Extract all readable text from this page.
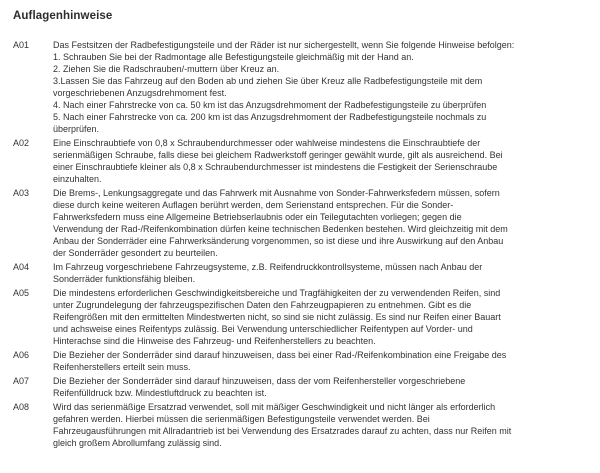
Auflagenhinweise
A01	Das Festsitzen der Radbefestigungsteile und der Räder ist nur sichergestellt, wenn Sie folgende Hinweise befolgen:
1. Schrauben Sie bei der Radmontage alle Befestigungsteile gleichmäßig mit der Hand an.
2. Ziehen Sie die Radschrauben/-muttern über Kreuz an.
3.Lassen Sie das Fahrzeug auf den Boden ab und ziehen Sie über Kreuz alle Radbefestigungsteile mit dem
vorgeschriebenen Anzugsdrehmoment fest.
4. Nach einer Fahrstrecke von ca. 50 km ist das Anzugsdrehmoment der Radbefestigungsteile zu überprüfen
5. Nach einer Fahrstrecke von ca. 200 km ist das Anzugsdrehmoment der Radbefestigungsteile nochmals zu
überprüfen.
A02	Eine Einschraubtiefe von 0,8 x Schraubendurchmesser oder wahlweise mindestens die Einschraubtiefe der
serienmäßigen Schraube, falls diese bei gleichem Radwerkstoff geringer gewählt wurde, gilt als ausreichend. Bei
einer Einschraubtiefe kleiner als 0,8 x Schraubendurchmesser ist mindestens die Festigkeit der Serienschraube
einzuhalten.
A03	Die Brems-, Lenkungsaggregate und das Fahrwerk mit Ausnahme von Sonder-Fahrwerksfedern müssen, sofern
diese durch keine weiteren Auflagen berührt werden, dem Serienstand entsprechen. Für die Sonder-
Fahrwerksfedern muss eine Allgemeine Betriebserlaubnis oder ein Teilegutachten vorliegen; gegen die
Verwendung der Rad-/Reifenkombination dürfen keine technischen Bedenken bestehen. Wird gleichzeitig mit dem
Anbau der Sonderräder eine Fahrwerksänderung vorgenommen, so ist diese und ihre Auswirkung auf den Anbau
der Sonderräder gesondert zu beurteilen.
A04	Im Fahrzeug vorgeschriebene Fahrzeugsysteme, z.B. Reifendruckkontrollsysteme, müssen nach Anbau der
Sonderräder funktionsfähig bleiben.
A05	Die mindestens erforderlichen Geschwindigkeitsbereiche und Tragfähigkeiten der zu verwendenden Reifen, sind
unter Zugrundelegung der fahrzeugspezifischen Daten den Fahrzeugpapieren zu entnehmen. Gibt es die
Reifengrößen mit den ermittelten Mindestwerten nicht, so sind sie nicht zulässig. Es sind nur Reifen einer Bauart
und achsweise eines Reifentyps zulässig. Bei Verwendung unterschiedlicher Reifentypen auf Vorder- und
Hinterachse sind die Hinweise des Fahrzeug- und Reifenherstellers zu beachten.
A06	Die Bezieher der Sonderräder sind darauf hinzuweisen, dass bei einer Rad-/Reifenkombination eine Freigabe des
Reifenherstellers erteilt sein muss.
A07	Die Bezieher der Sonderräder sind darauf hinzuweisen, dass der vom Reifenhersteller vorgeschriebene
Reifenfülldruck bzw. Mindestluftdruck zu beachten ist.
A08	Wird das serienmäßige Ersatzrad verwendet, soll mit mäßiger Geschwindigkeit und nicht länger als erforderlich
gefahren werden. Hierbei müssen die serienmäßigen Befestigungsteile verwendet werden. Bei
Fahrzeugausführungen mit Allradantrieb ist bei Verwendung des Ersatzrades darauf zu achten, dass nur Reifen mit
gleich großem Abrollumfang zulässig sind.
